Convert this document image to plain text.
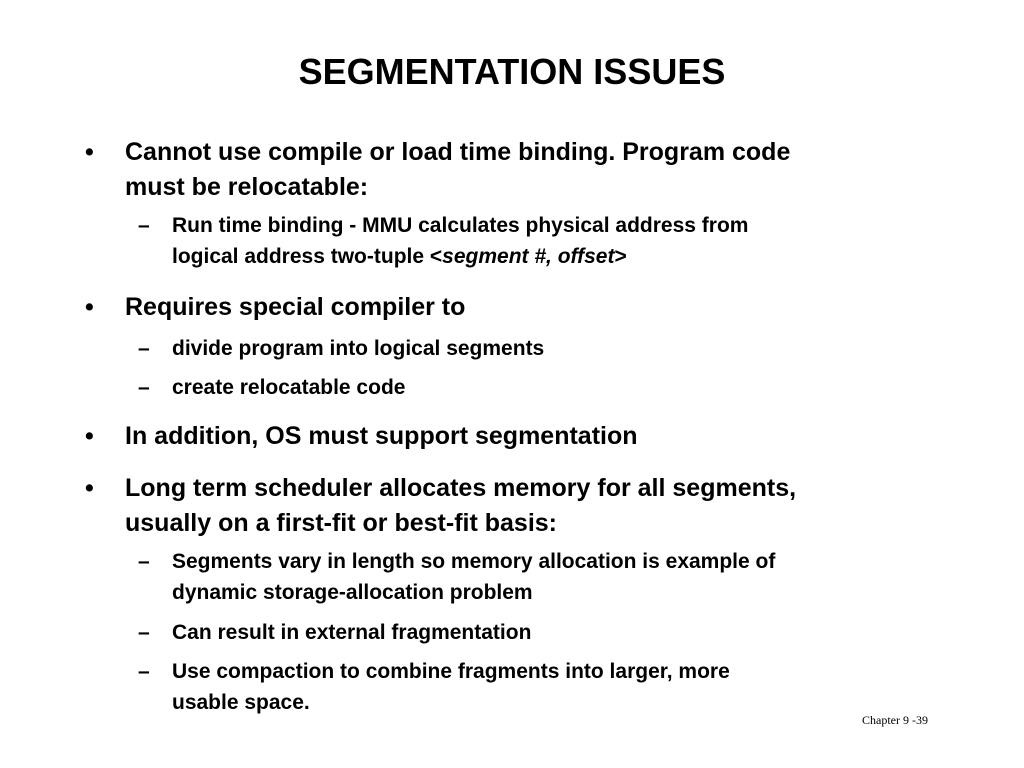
SEGMENTATION ISSUES
•	Cannot use compile or load time binding. Program code
must be relocatable:
–	Run time binding - MMU calculates physical address from
logical address two-tuple <segment #, offset>
•	Requires special compiler to
–	divide program into logical segments
–	create relocatable code
•	In addition, OS must support segmentation
•	Long term scheduler allocates memory for all segments,
usually on a first-fit or best-fit basis:
–	Segments vary in length so memory allocation is example of
dynamic storage-allocation problem
–	Can result in external fragmentation
–	Use compaction to combine fragments into larger, more
usable space.
Chapter 9 -39
